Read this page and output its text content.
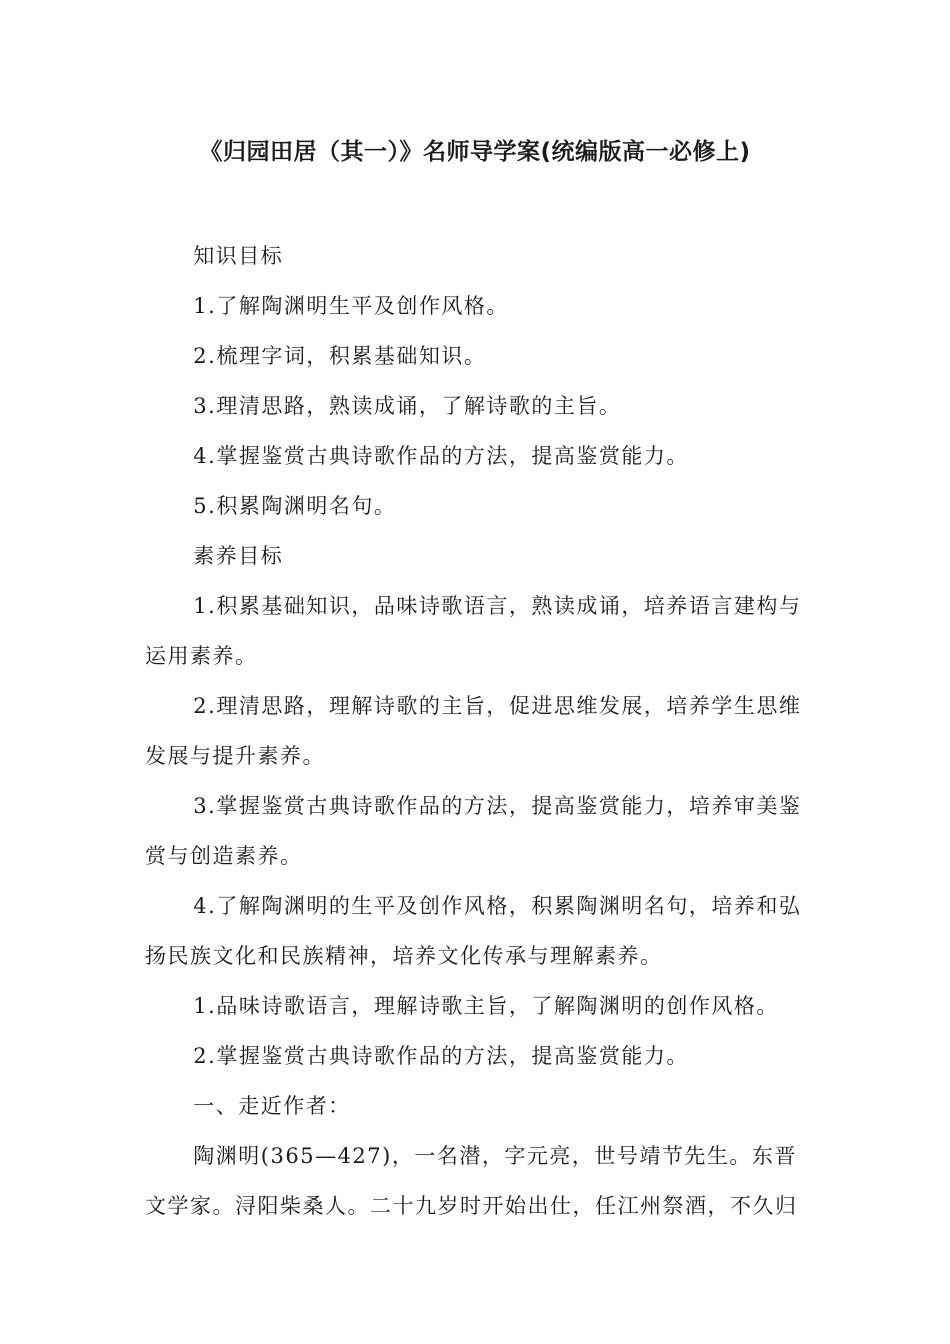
《归园田居（其一）》名师导学案(统编版高一必修上)

知识目标

1.了解陶渊明生平及创作风格。

2.梳理字词，积累基础知识。

3.理清思路，熟读成诵，了解诗歌的主旨。

4.掌握鉴赏古典诗歌作品的方法，提高鉴赏能力。

5.积累陶渊明名句。

素养目标

1.积累基础知识，品味诗歌语言，熟读成诵，培养语言建构与运用素养。

2.理清思路，理解诗歌的主旨，促进思维发展，培养学生思维发展与提升素养。

3.掌握鉴赏古典诗歌作品的方法，提高鉴赏能力，培养审美鉴赏与创造素养。

4.了解陶渊明的生平及创作风格，积累陶渊明名句，培养和弘扬民族文化和民族精神，培养文化传承与理解素养。

1.品味诗歌语言，理解诗歌主旨，了解陶渊明的创作风格。

2.掌握鉴赏古典诗歌作品的方法，提高鉴赏能力。

一、走近作者：

陶渊明(365—427)，一名潜，字元亮，世号靖节先生。东晋文学家。浔阳柴桑人。二十九岁时开始出仕，任江州祭酒，不久归
